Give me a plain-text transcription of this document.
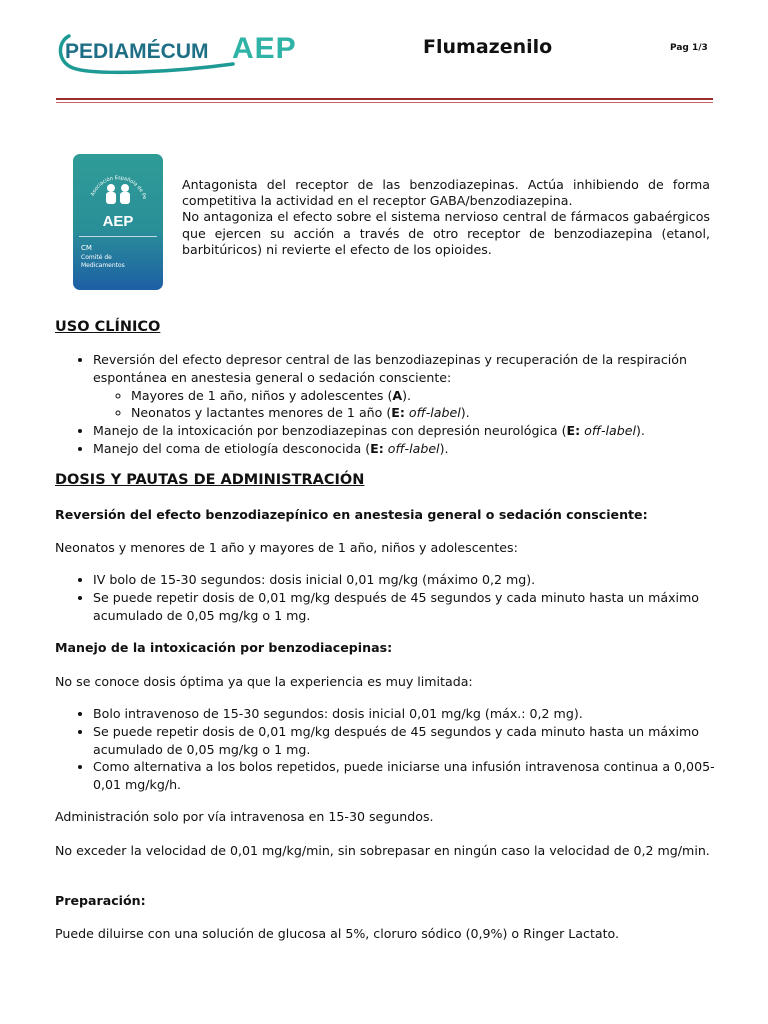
PEDIAMÉCUM AEP	Flumazenilo	Pag 1/3
Asociación Española de Pe
AEP
CM
Comité de
Medicamentos

Antagonista del receptor de las benzodiazepinas. Actúa inhibiendo de forma competitiva la actividad en el receptor GABA/benzodiazepina.

No antagoniza el efecto sobre el sistema nervioso central de fármacos gabaérgicos que ejercen su acción a través de otro receptor de benzodiazepina (etanol, barbitúricos) ni revierte el efecto de los opioides.

USO CLÍNICO
• Reversión del efecto depresor central de las benzodiazepinas y recuperación de la respiración espontánea en anestesia general o sedación consciente:
◦ Mayores de 1 año, niños y adolescentes (A).
◦ Neonatos y lactantes menores de 1 año (E: off-label).
• Manejo de la intoxicación por benzodiazepinas con depresión neurológica (E: off-label).
• Manejo del coma de etiología desconocida (E: off-label).
DOSIS Y PAUTAS DE ADMINISTRACIÓN

Reversión del efecto benzodiazepínico en anestesia general o sedación consciente:

Neonatos y menores de 1 año y mayores de 1 año, niños y adolescentes:

• IV bolo de 15-30 segundos: dosis inicial 0,01 mg/kg (máximo 0,2 mg).
• Se puede repetir dosis de 0,01 mg/kg después de 45 segundos y cada minuto hasta un máximo acumulado de 0,05 mg/kg o 1 mg.

Manejo de la intoxicación por benzodiacepinas:

No se conoce dosis óptima ya que la experiencia es muy limitada:

• Bolo intravenoso de 15-30 segundos: dosis inicial 0,01 mg/kg (máx.: 0,2 mg).
• Se puede repetir dosis de 0,01 mg/kg después de 45 segundos y cada minuto hasta un máximo acumulado de 0,05 mg/kg o 1 mg.
• Como alternativa a los bolos repetidos, puede iniciarse una infusión intravenosa continua a 0,005-0,01 mg/kg/h.

Administración solo por vía intravenosa en 15-30 segundos.

No exceder la velocidad de 0,01 mg/kg/min, sin sobrepasar en ningún caso la velocidad de 0,2 mg/min.

Preparación:

Puede diluirse con una solución de glucosa al 5%, cloruro sódico (0,9%) o Ringer Lactato.
